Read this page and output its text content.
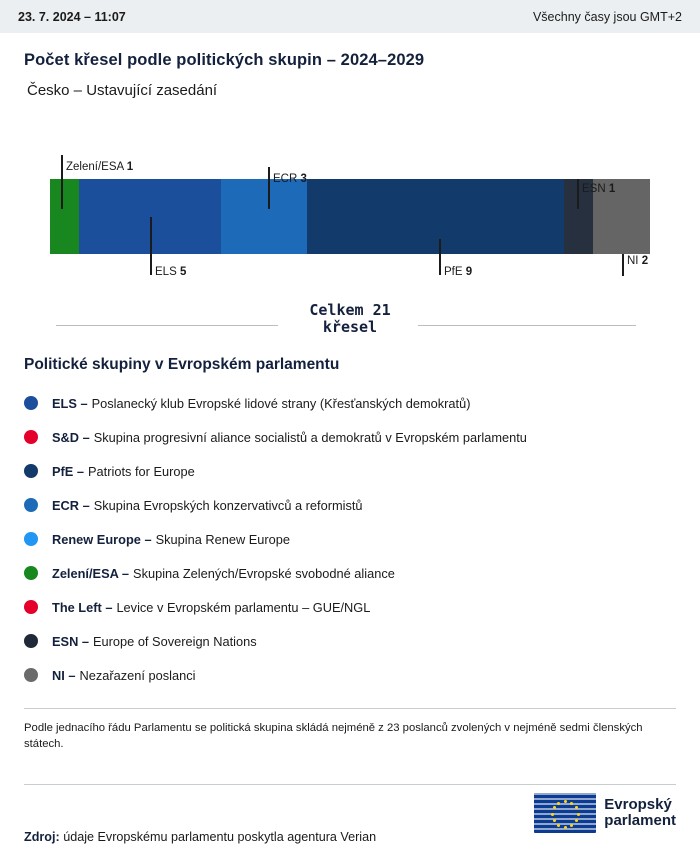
23. 7. 2024 – 11:07	Všechny časy jsou GMT+2
Počet křesel podle politických skupin – 2024–2029
Česko – Ustavující zasedání
Zelení/ESA 1
ELS 5
ECR 3
PfE 9
ESN 1
NI 2
Celkem 21
křesel
Politické skupiny v Evropském parlamentu
ELS – Poslanecký klub Evropské lidové strany (Křesťanských demokratů)
S&D – Skupina progresivní aliance socialistů a demokratů v Evropském parlamentu
PfE – Patriots for Europe
ECR – Skupina Evropských konzervativců a reformistů
Renew Europe – Skupina Renew Europe
Zelení/ESA – Skupina Zelených/Evropské svobodné aliance
The Left – Levice v Evropském parlamentu – GUE/NGL
ESN – Europe of Sovereign Nations
NI – Nezařazení poslanci
Podle jednacího řádu Parlamentu se politická skupina skládá nejméně z 23 poslanců zvolených v nejméně sedmi členských státech.
Zdroj: údaje Evropskému parlamentu poskytla agentura Verian
Evropský
parlament
